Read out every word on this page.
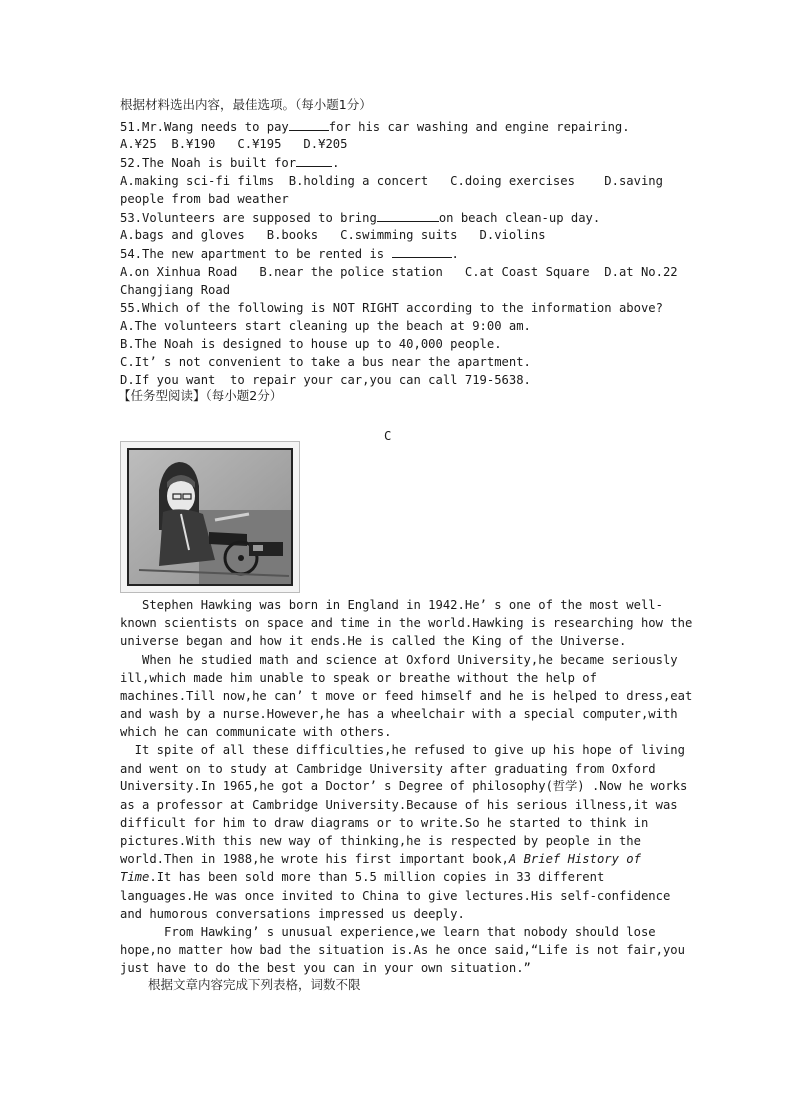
根据材料选出内容，最佳选项。（每小题1分）
51.Mr.Wang needs to pay	for his car washing and engine repairing.
A.¥25  B.¥190   C.¥195   D.¥205
52.The Noah is built for	.
A.making sci-fi films  B.holding a concert   C.doing exercises    D.saving
people from bad weather
53.Volunteers are supposed to bring	on beach clean-up day.
A.bags and gloves   B.books   C.swimming suits   D.violins
54.The new apartment to be rented is	.
A.on Xinhua Road   B.near the police station   C.at Coast Square  D.at No.22
Changjiang Road
55.Which of the following is NOT RIGHT according to the information above?
A.The volunteers start cleaning up the beach at 9:00 am.
B.The Noah is designed to house up to 40,000 people.
C.It’ s not convenient to take a bus near the apartment.
D.If you want  to repair your car,you can call 719-5638.
【任务型阅读】（每小题2分）
C
Stephen Hawking was born in England in 1942.He’ s one of the most well-
known scientists on space and time in the world.Hawking is researching how the
universe began and how it ends.He is called the King of the Universe.
When he studied math and science at Oxford University,he became seriously
ill,which made him unable to speak or breathe without the help of
machines.Till now,he can’ t move or feed himself and he is helped to dress,eat
and wash by a nurse.However,he has a wheelchair with a special computer,with
which he can communicate with others.
It spite of all these difficulties,he refused to give up his hope of living
and went on to study at Cambridge University after graduating from Oxford
University.In 1965,he got a Doctor’ s Degree of philosophy(哲学) .Now he works
as a professor at Cambridge University.Because of his serious illness,it was
difficult for him to draw diagrams or to write.So he started to think in
pictures.With this new way of thinking,he is respected by people in the
world.Then in 1988,he wrote his first important book,A Brief History of
Time.It has been sold more than 5.5 million copies in 33 different
languages.He was once invited to China to give lectures.His self-confidence
and humorous conversations impressed us deeply.
From Hawking’ s unusual experience,we learn that nobody should lose
hope,no matter how bad the situation is.As he once said,“Life is not fair,you
just have to do the best you can in your own situation.”
根据文章内容完成下列表格，词数不限
